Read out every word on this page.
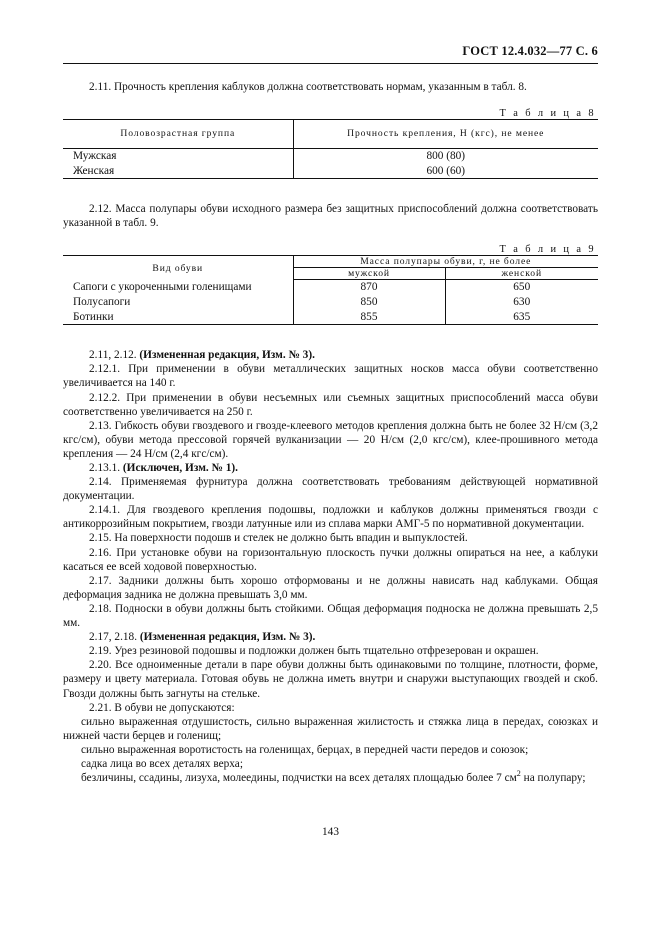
ГОСТ 12.4.032—77 С. 6

2.11. Прочность крепления каблуков должна соответствовать нормам, указанным в табл. 8.

Т а б л и ц а 8

Половозрастная группа	Прочность крепления, Н (кгс), не менее
Мужская	800 (80)
Женская	600 (60)

2.12. Масса полупары обуви исходного размера без защитных приспособлений должна соответствовать указанной в табл. 9.

Т а б л и ц а 9

Вид обуви	Масса полупары обуви, г, не более	
	мужской	женской
Сапоги с укороченными голенищами	870	650
Полусапоги	850	630
Ботинки	855	635

2.11, 2.12. (Измененная редакция, Изм. № 3).

2.12.1. При применении в обуви металлических защитных носков масса обуви соответственно увеличивается на 140 г.

2.12.2. При применении в обуви несъемных или съемных защитных приспособлений масса обуви соответственно увеличивается на 250 г.

2.13. Гибкость обуви гвоздевого и гвозде-клеевого методов крепления должна быть не более 32 Н/см (3,2 кгс/см), обуви метода прессовой горячей вулканизации — 20 Н/см (2,0 кгс/см), клее-прошивного метода крепления — 24 Н/см (2,4 кгс/см).

2.13.1. (Исключен, Изм. № 1).

2.14. Применяемая фурнитура должна соответствовать требованиям действующей нормативной документации.

2.14.1. Для гвоздевого крепления подошвы, подложки и каблуков должны применяться гвозди с антикоррозийным покрытием, гвозди латунные или из сплава марки АМГ-5 по нормативной документации.

2.15. На поверхности подошв и стелек не должно быть впадин и выпуклостей.

2.16. При установке обуви на горизонтальную плоскость пучки должны опираться на нее, а каблуки касаться ее всей ходовой поверхностью.

2.17. Задники должны быть хорошо отформованы и не должны нависать над каблуками. Общая деформация задника не должна превышать 3,0 мм.

2.18. Подноски в обуви должны быть стойкими. Общая деформация подноска не должна превышать 2,5 мм.

2.17, 2.18. (Измененная редакция, Изм. № 3).

2.19. Урез резиновой подошвы и подложки должен быть тщательно отфрезерован и окрашен.

2.20. Все одноименные детали в паре обуви должны быть одинаковыми по толщине, плотности, форме, размеру и цвету материала. Готовая обувь не должна иметь внутри и снаружи выступающих гвоздей и скоб. Гвозди должны быть загнуты на стельке.

2.21. В обуви не допускаются:

сильно выраженная отдушистость, сильно выраженная жилистость и стяжка лица в передах, союзках и нижней части берцев и голенищ;

сильно выраженная воротистость на голенищах, берцах, в передней части передов и союзок;

садка лица во всех деталях верха;

безличины, ссадины, лизуха, молеедины, подчистки на всех деталях площадью более 7 $см^2$ на полупару;

143
